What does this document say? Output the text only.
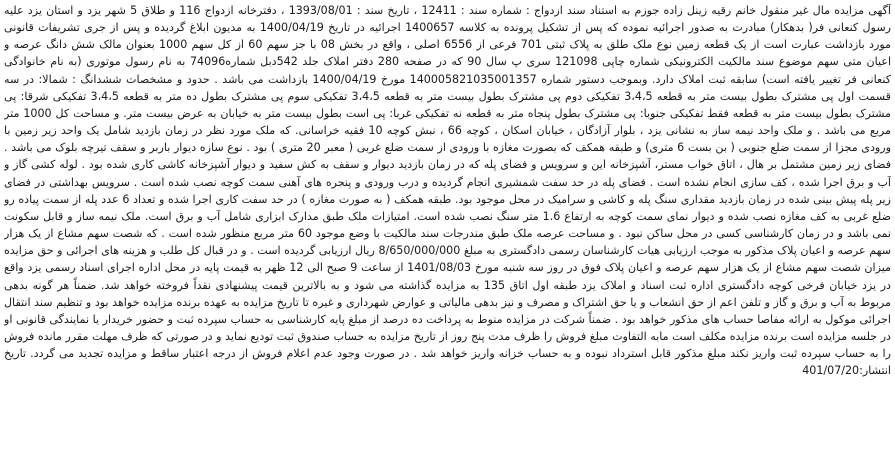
آگهی مزایده مال غیر منقول خانم رقیه زینل زاده جوزم به استناد سند ازدواج : شماره سند : 12411 ، تاریخ سند : 1393/08/01 ، دفترخانه ازدواج 116 و طلاق 5 شهر یزد و استان یزد علیه رسول کنعانی فر( بدهکار) مبادرت به صدور اجرائیه نموده که پس از تشکیل پرونده به کلاسه 1400657 اجرائیه در تاریخ 1400/04/19 به مدیون ابلاغ گردیده و پس از جری تشریفات قانونی مورد بازداشت عبارت است از یک قطعه زمین نوع ملک طلق به پلاک ثبتی 701 فرعی از 6556 اصلی ، واقع در بخش 08 با جز سهم 60 از کل سهم 1000 بعنوان مالک شش دانگ عرصه و اعیان متی سهم موضوع سند مالکیت الکترونیکی شماره چاپی 121098 سری پ سال 90 که در صفحه 280 دفتر املاک جلد 542دبل شماره74096 به نام رسول موتوری (به نام خانوادگی کنعانی فر تغییر یافته است) سابقه ثبت املاک دارد. وبموجب دستور شماره 140005821035001357 مورخ 1400/04/19 بازداشت می باشد . حدود و مشخصات ششدانگ : شمالا: در سه قسمت اول پی مشترک بطول بیست متر به قطعه 3،4،5 تفکیکی دوم پی مشترک بطول بیست متر به قطعه 3،4،5 تفکیکی سوم پی مشترک بطول ده متر به قطعه 3،4،5 تفکیکی شرقا: پی مشترک بطول بیست متر به قطعه فقط تفکیکی جنوبا: پی مشترک بطول پنجاه متر به قطعه نه تفکیکی غربا: پی است بطول بیست متر به خیابان به عرض بیست متر. و مساحت کل 1000 متر مربع می باشد . و ملک واحد نیمه ساز به نشانی یزد ، بلوار آزادگان ، خیابان اسکان ، کوچه 66 ، نبش کوچه 10 فقیه خراسانی. که ملک مورد نظر در زمان بازدید شامل یک واحد زیر زمین با ورودی مجزا از سمت ضلع جنوبی ( بن بست 6 متری) و طبقه همکف که بصورت مغازه با ورودی از سمت ضلع غربی ( معبر 20 متری ) بود . نوع سازه دیوار باربر و سقف تیرچه بلوک می باشد . فضای زیر زمین مشتمل بر هال ، اتاق خواب مستر، آشپزخانه این و سرویس و فضای پله که در زمان بازدید دیوار و سقف به کش سفید و دیوار آشپزخانه کاشی کاری شده بود . لوله کشی گاز و آب و برق اجرا شده ، کف سازی انجام نشده است . فضای پله در حد سفت شمشیری انجام گردیده و درب ورودی و پنجره های آهنی سمت کوچه نصب شده است . سرویس بهداشتی در فضای زیر پله پیش بینی شده در زمان بازدید مقداری سنگ پله و کاشی و سرامیک در محل موجود بود. طبقه همکف ( به صورت مغازه ) در حد سفت کاری اجرا شده و تعداد 6 عدد پله از سمت پیاده رو ضلع غربی به کف مغازه نصب شده و دیوار نمای سمت کوچه به ارتفاع 1.6 متر سنگ نصب شده است. امتیازات ملک طبق مدارک ابزاری شامل آب و برق است. ملک نیمه ساز و قابل سکونت نمی باشد و در زمان کارشناسی کسی در محل ساکن نبود . و مساحت عرصه ملک طبق مندرجات سند مالکیت با وضع موجود 60 متر مربع منظور شده است . که شصت سهم مشاع از یک هزار سهم عرصه و اعیان پلاک مذکور به موجب ارزیابی هیات کارشناسان رسمی دادگستری به مبلغ 8/650/000/000 ریال ارزیابی گردیده است . و در قبال کل طلب و هزینه های اجرائی و حق مزایده میزان شصت سهم مشاع از یک هزار سهم عرصه و اعیان پلاک فوق در روز سه شنبه مورخ 1401/08/03 از ساعت 9 صبح الی 12 ظهر به قیمت پایه در محل اداره اجرای اسناد رسمی یزد واقع در یزد خیابان فرخی کوچه دادگستری اداره ثبت اسناد و املاک یزد طبقه اول اتاق 135 به مزایده گذاشته می شود و به بالاترین قیمت پیشنهادی نقداً فروخته خواهد شد. ضمناً هر گونه بدهی مربوط به آب و برق و گاز و تلفن اعم از حق انشعاب و یا حق اشتراک و مصرف و نیز بدهی مالیاتی و عوارض شهرداری و غیره تا تاریخ مزایده به عهده برنده مزایده خواهد بود و تنظیم سند انتقال اجرائی موکول به ارائه مفاصا حساب های مذکور خواهد بود . ضمناً شرکت در مزایده منوط به پرداخت ده درصد از مبلغ پایه کارشناسی به حساب سپرده ثبت و حضور خریدار یا نمایندگی قانونی او در جلسه مزایده است برنده مزایده مکلف است مابه التفاوت مبلغ فروش را ظرف مدت پنج روز از تاریخ مزایده به حساب صندوق ثبت تودیع نماید و در صورتی که ظرف مهلت مقرر مانده فروش را به حساب سپرده ثبت واریز نکند مبلغ مذکور قابل استرداد نبوده و به حساب خزانه واریز خواهد شد . در صورت وجود عدم اعلام فروش از درجه اعتبار ساقط و مزایده تجدید می گردد. تاریخ انتشار:401/07/20
